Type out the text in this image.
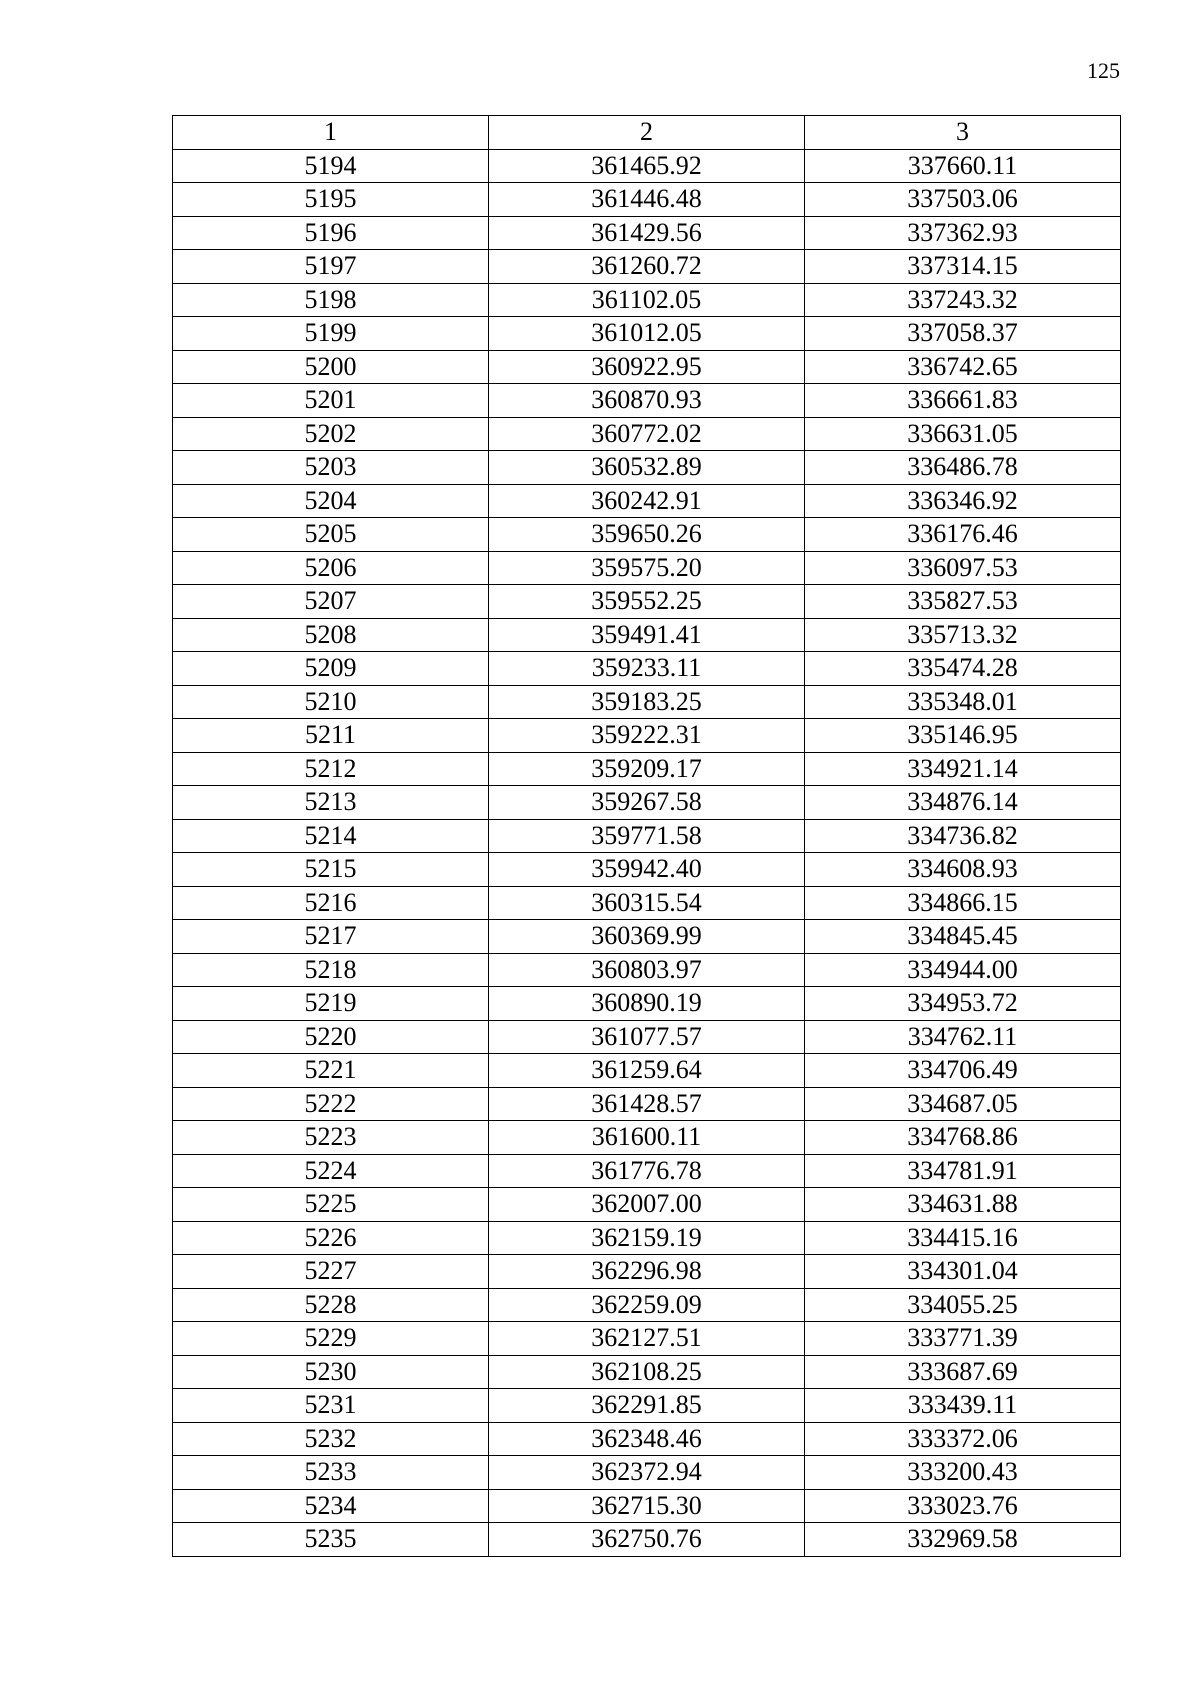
125
1	2	3
5194	361465.92	337660.11
5195	361446.48	337503.06
5196	361429.56	337362.93
5197	361260.72	337314.15
5198	361102.05	337243.32
5199	361012.05	337058.37
5200	360922.95	336742.65
5201	360870.93	336661.83
5202	360772.02	336631.05
5203	360532.89	336486.78
5204	360242.91	336346.92
5205	359650.26	336176.46
5206	359575.20	336097.53
5207	359552.25	335827.53
5208	359491.41	335713.32
5209	359233.11	335474.28
5210	359183.25	335348.01
5211	359222.31	335146.95
5212	359209.17	334921.14
5213	359267.58	334876.14
5214	359771.58	334736.82
5215	359942.40	334608.93
5216	360315.54	334866.15
5217	360369.99	334845.45
5218	360803.97	334944.00
5219	360890.19	334953.72
5220	361077.57	334762.11
5221	361259.64	334706.49
5222	361428.57	334687.05
5223	361600.11	334768.86
5224	361776.78	334781.91
5225	362007.00	334631.88
5226	362159.19	334415.16
5227	362296.98	334301.04
5228	362259.09	334055.25
5229	362127.51	333771.39
5230	362108.25	333687.69
5231	362291.85	333439.11
5232	362348.46	333372.06
5233	362372.94	333200.43
5234	362715.30	333023.76
5235	362750.76	332969.58
